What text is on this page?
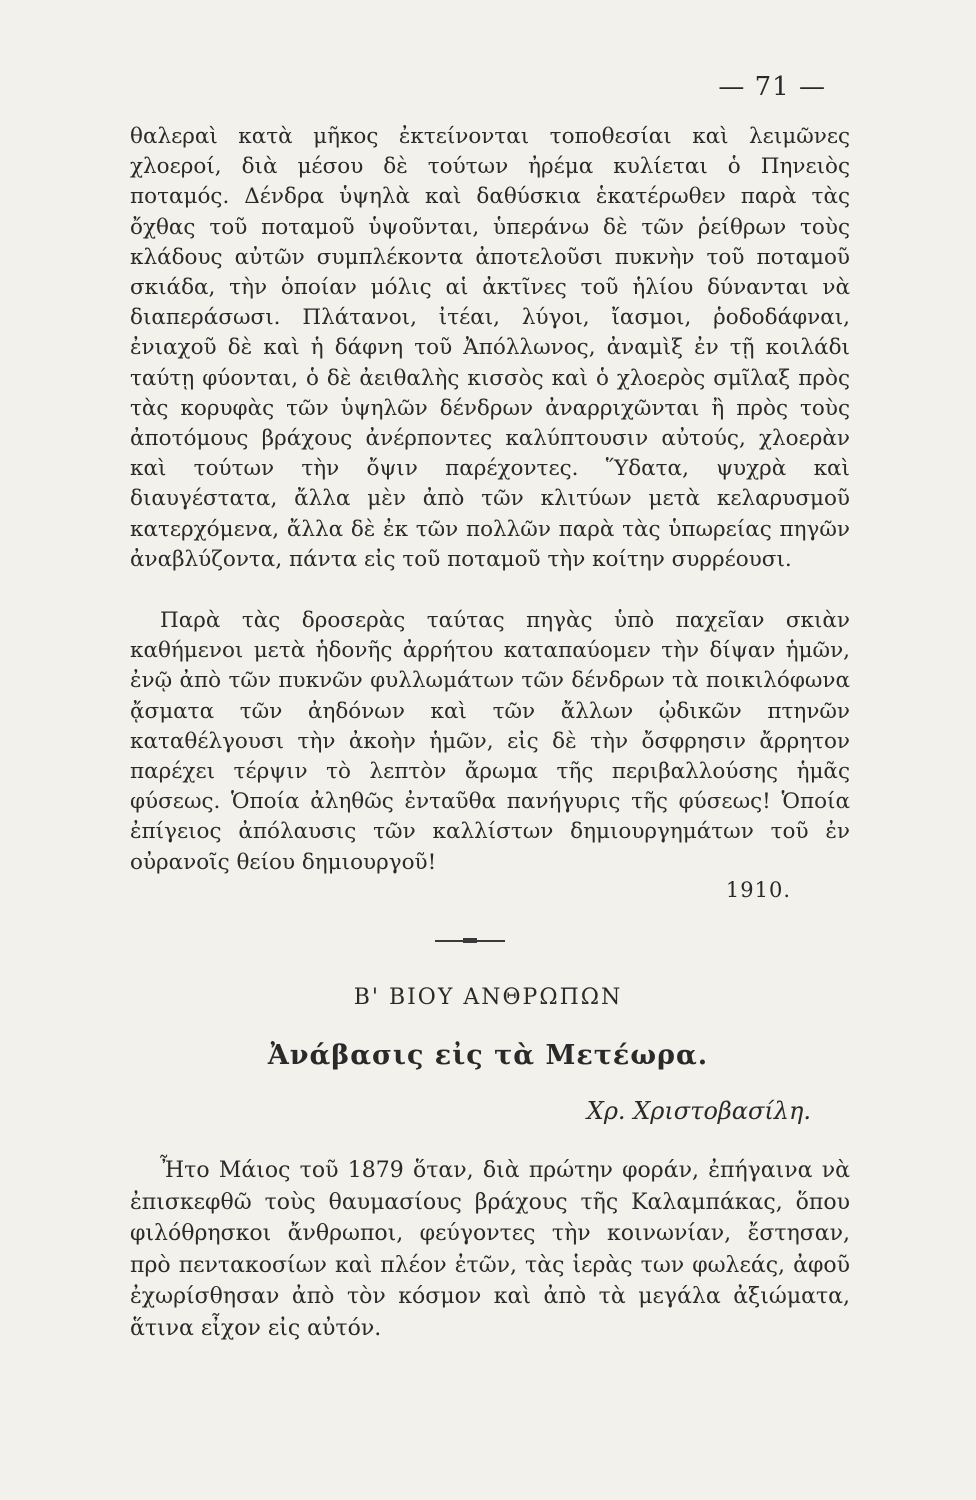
— 71 —

θαλεραὶ κατὰ μῆκος ἐκτείνονται τοποθεσίαι καὶ λειμῶνες χλοεροί, διὰ μέσου δὲ τούτων ἠρέμα κυλίεται ὁ Πηνειὸς ποταμός. Δένδρα ὑψηλὰ καὶ δαθύσκια ἑκατέρωθεν παρὰ τὰς ὄχθας τοῦ ποταμοῦ ὑψοῦνται, ὑπεράνω δὲ τῶν ῥείθρων τοὺς κλάδους αὐτῶν συμπλέκοντα ἀποτελοῦσι πυκνὴν τοῦ ποταμοῦ σκιάδα, τὴν ὁποίαν μόλις αἱ ἀκτῖνες τοῦ ἡλίου δύνανται νὰ διαπεράσωσι. Πλάτανοι, ἰτέαι, λύγοι, ἴασμοι, ῥοδοδάφναι, ἐνιαχοῦ δὲ καὶ ἡ δάφνη τοῦ Ἀπόλλωνος, ἀναμὶξ ἐν τῇ κοιλάδι ταύτῃ φύονται, ὁ δὲ ἀειθαλὴς κισσὸς καὶ ὁ χλοερὸς σμῖλαξ πρὸς τὰς κορυφὰς τῶν ὑψηλῶν δένδρων ἀναρριχῶνται ἢ πρὸς τοὺς ἀποτόμους βράχους ἀνέρποντες καλύπτουσιν αὐτούς, χλοερὰν καὶ τούτων τὴν ὄψιν παρέχοντες. Ὕδατα, ψυχρὰ καὶ διαυγέστατα, ἄλλα μὲν ἀπὸ τῶν κλιτύων μετὰ κελαρυσμοῦ κατερχόμενα, ἄλλα δὲ ἐκ τῶν πολλῶν παρὰ τὰς ὑπωρείας πηγῶν ἀναβλύζοντα, πάντα εἰς τοῦ ποταμοῦ τὴν κοίτην συρρέουσι.

Παρὰ τὰς δροσερὰς ταύτας πηγὰς ὑπὸ παχεῖαν σκιὰν καθήμενοι μετὰ ἡδονῆς ἀρρήτου καταπαύομεν τὴν δίψαν ἡμῶν, ἐνῷ ἀπὸ τῶν πυκνῶν φυλλωμάτων τῶν δένδρων τὰ ποικιλόφωνα ᾄσματα τῶν ἀηδόνων καὶ τῶν ἄλλων ᾠδικῶν πτηνῶν καταθέλγουσι τὴν ἀκοὴν ἡμῶν, εἰς δὲ τὴν ὄσφρησιν ἄρρητον παρέχει τέρψιν τὸ λεπτὸν ἄρωμα τῆς περιβαλλούσης ἡμᾶς φύσεως. Ὁποία ἀληθῶς ἐνταῦθα πανήγυρις τῆς φύσεως! Ὁποία ἐπίγειος ἀπόλαυσις τῶν καλλίστων δημιουργημάτων τοῦ ἐν οὐρανοῖς θείου δημιουργοῦ!

1910.
Β' ΒΙΟΥ ΑΝΘΡΩΠΩΝ
Ἀνάβασις εἰς τὰ Μετέωρα.
Χρ. Χριστοβασίλη.

Ἦτο Μάιος τοῦ 1879 ὅταν, διὰ πρώτην φοράν, ἐπήγαινα νὰ ἐπισκεφθῶ τοὺς θαυμασίους βράχους τῆς Καλαμπάκας, ὅπου φιλόθρησκοι ἄνθρωποι, φεύγοντες τὴν κοινωνίαν, ἔστησαν, πρὸ πεντακοσίων καὶ πλέον ἐτῶν, τὰς ἱερὰς των φωλεάς, ἀφοῦ ἐχωρίσθησαν ἀπὸ τὸν κόσμον καὶ ἀπὸ τὰ μεγάλα ἀξιώματα, ἅτινα εἶχον εἰς αὐτόν.
